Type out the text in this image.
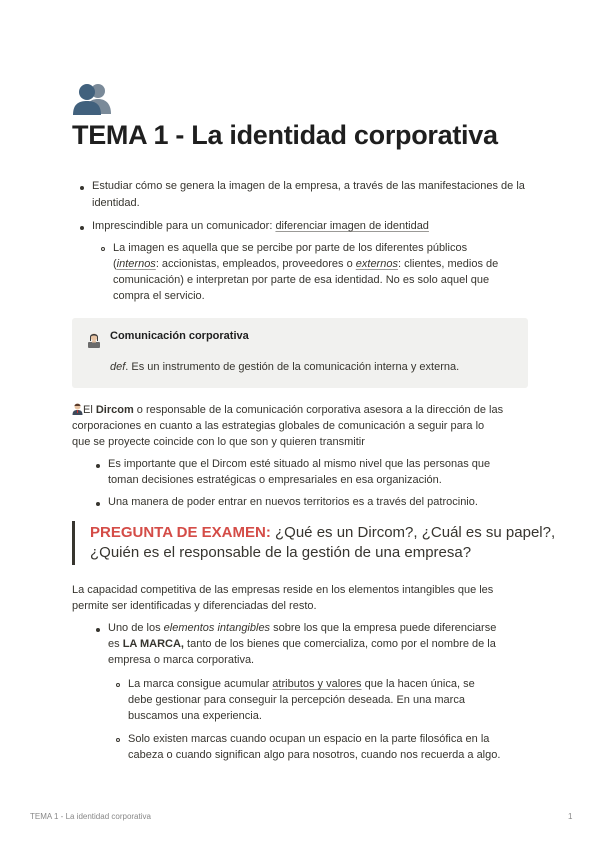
TEMA 1 - La identidad corporativa
Estudiar cómo se genera la imagen de la empresa, a través de las manifestaciones de la identidad.
Imprescindible para un comunicador: diferenciar imagen de identidad
La imagen es aquella que se percibe por parte de los diferentes públicos
(internos: accionistas, empleados, proveedores o externos: clientes, medios de
comunicación) e interpretan por parte de esa identidad. No es solo aquel que
compra el servicio.
Comunicación corporativa
def. Es un instrumento de gestión de la comunicación interna y externa.
El Dircom o responsable de la comunicación corporativa asesora a la dirección de las
corporaciones en cuanto a las estrategias globales de comunicación a seguir para lo
que se proyecte coincide con lo que son y quieren transmitir
Es importante que el Dircom esté situado al mismo nivel que las personas que
toman decisiones estratégicas o empresariales en esa organización.
Una manera de poder entrar en nuevos territorios es a través del patrocinio.
PREGUNTA DE EXAMEN: ¿Qué es un Dircom?, ¿Cuál es su papel?,
¿Quién es el responsable de la gestión de una empresa?
La capacidad competitiva de las empresas reside en los elementos intangibles que les
permite ser identificadas y diferenciadas del resto.
Uno de los elementos intangibles sobre los que la empresa puede diferenciarse
es LA MARCA, tanto de los bienes que comercializa, como por el nombre de la
empresa o marca corporativa.
La marca consigue acumular atributos y valores que la hacen única, se
debe gestionar para conseguir la percepción deseada. En una marca
buscamos una experiencia.
Solo existen marcas cuando ocupan un espacio en la parte filosófica en la
cabeza o cuando significan algo para nosotros, cuando nos recuerda a algo.
TEMA 1 - La identidad corporativa	1
